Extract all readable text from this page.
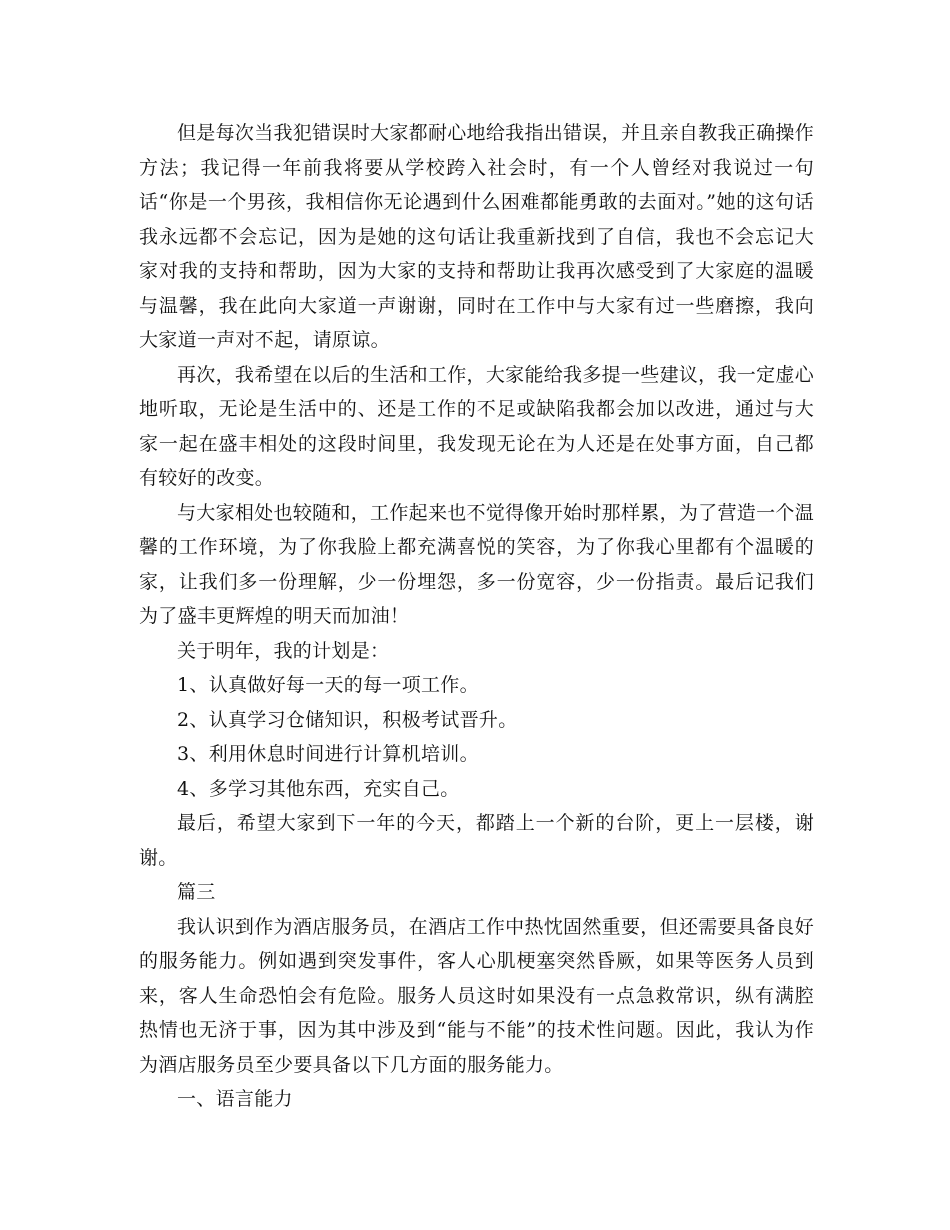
但是每次当我犯错误时大家都耐心地给我指出错误，并且亲自教我正确操作方法；我记得一年前我将要从学校跨入社会时，有一个人曾经对我说过一句话“你是一个男孩，我相信你无论遇到什么困难都能勇敢的去面对。”她的这句话我永远都不会忘记，因为是她的这句话让我重新找到了自信，我也不会忘记大家对我的支持和帮助，因为大家的支持和帮助让我再次感受到了大家庭的温暖与温馨，我在此向大家道一声谢谢，同时在工作中与大家有过一些磨擦，我向大家道一声对不起，请原谅。

再次，我希望在以后的生活和工作，大家能给我多提一些建议，我一定虚心地听取，无论是生活中的、还是工作的不足或缺陷我都会加以改进，通过与大家一起在盛丰相处的这段时间里，我发现无论在为人还是在处事方面，自己都有较好的改变。

与大家相处也较随和，工作起来也不觉得像开始时那样累，为了营造一个温馨的工作环境，为了你我脸上都充满喜悦的笑容，为了你我心里都有个温暖的家，让我们多一份理解，少一份埋怨，多一份宽容，少一份指责。最后记我们为了盛丰更辉煌的明天而加油！

关于明年，我的计划是：

1、认真做好每一天的每一项工作。

2、认真学习仓储知识，积极考试晋升。

3、利用休息时间进行计算机培训。

4、多学习其他东西，充实自己。

最后，希望大家到下一年的今天，都踏上一个新的台阶，更上一层楼，谢谢。

篇三

我认识到作为酒店服务员，在酒店工作中热忱固然重要，但还需要具备良好的服务能力。例如遇到突发事件，客人心肌梗塞突然昏厥，如果等医务人员到来，客人生命恐怕会有危险。服务人员这时如果没有一点急救常识，纵有满腔热情也无济于事，因为其中涉及到“能与不能”的技术性问题。因此，我认为作为酒店服务员至少要具备以下几方面的服务能力。

一、语言能力
